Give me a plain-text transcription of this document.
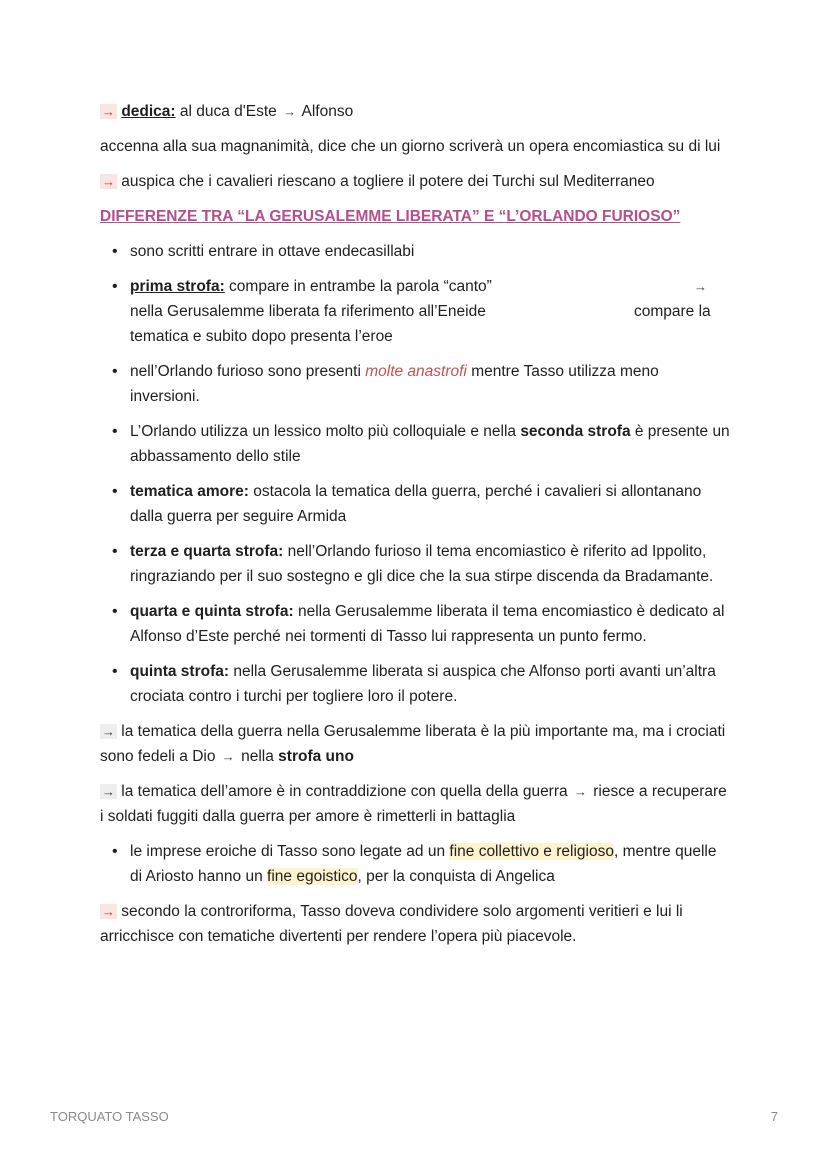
→ dedica: al duca d'Este → Alfonso

accenna alla sua magnanimità, dice che un giorno scriverà un opera encomiastica su di lui

→ auspica che i cavalieri riescano a togliere il potere dei Turchi sul Mediterraneo

DIFFERENZE TRA “LA GERUSALEMME LIBERATA” E “L’ORLANDO FURIOSO”
• sono scritti entrare in ottave endecasillabi
• prima strofa: compare in entrambe la parola “canto”	→

nella Gerusalemme liberata fa riferimento all’Eneide	compare la

tematica e subito dopo presenta l’eroe
• nell’Orlando furioso sono presenti molte anastrofi mentre Tasso utilizza meno inversioni.
• L’Orlando utilizza un lessico molto più colloquiale e nella seconda strofa è presente un abbassamento dello stile
• tematica amore: ostacola la tematica della guerra, perché i cavalieri si allontanano dalla guerra per seguire Armida
• terza e quarta strofa: nell’Orlando furioso il tema encomiastico è riferito ad Ippolito, ringraziando per il suo sostegno e gli dice che la sua stirpe discenda da Bradamante.
• quarta e quinta strofa: nella Gerusalemme liberata il tema encomiastico è dedicato al Alfonso d’Este perché nei tormenti di Tasso lui rappresenta un punto fermo.
• quinta strofa: nella Gerusalemme liberata si auspica che Alfonso porti avanti un’altra crociata contro i turchi per togliere loro il potere.

→ la tematica della guerra nella Gerusalemme liberata è la più importante ma, ma i crociati sono fedeli a Dio → nella strofa uno

→ la tematica dell’amore è in contraddizione con quella della guerra → riesce a recuperare i soldati fuggiti dalla guerra per amore è rimetterli in battaglia

• le imprese eroiche di Tasso sono legate ad un fine collettivo e religioso, mentre quelle di Ariosto hanno un fine egoistico, per la conquista di Angelica

→ secondo la controriforma, Tasso doveva condividere solo argomenti veritieri e lui li arricchisce con tematiche divertenti per rendere l’opera più piacevole.

TORQUATO TASSO	7
